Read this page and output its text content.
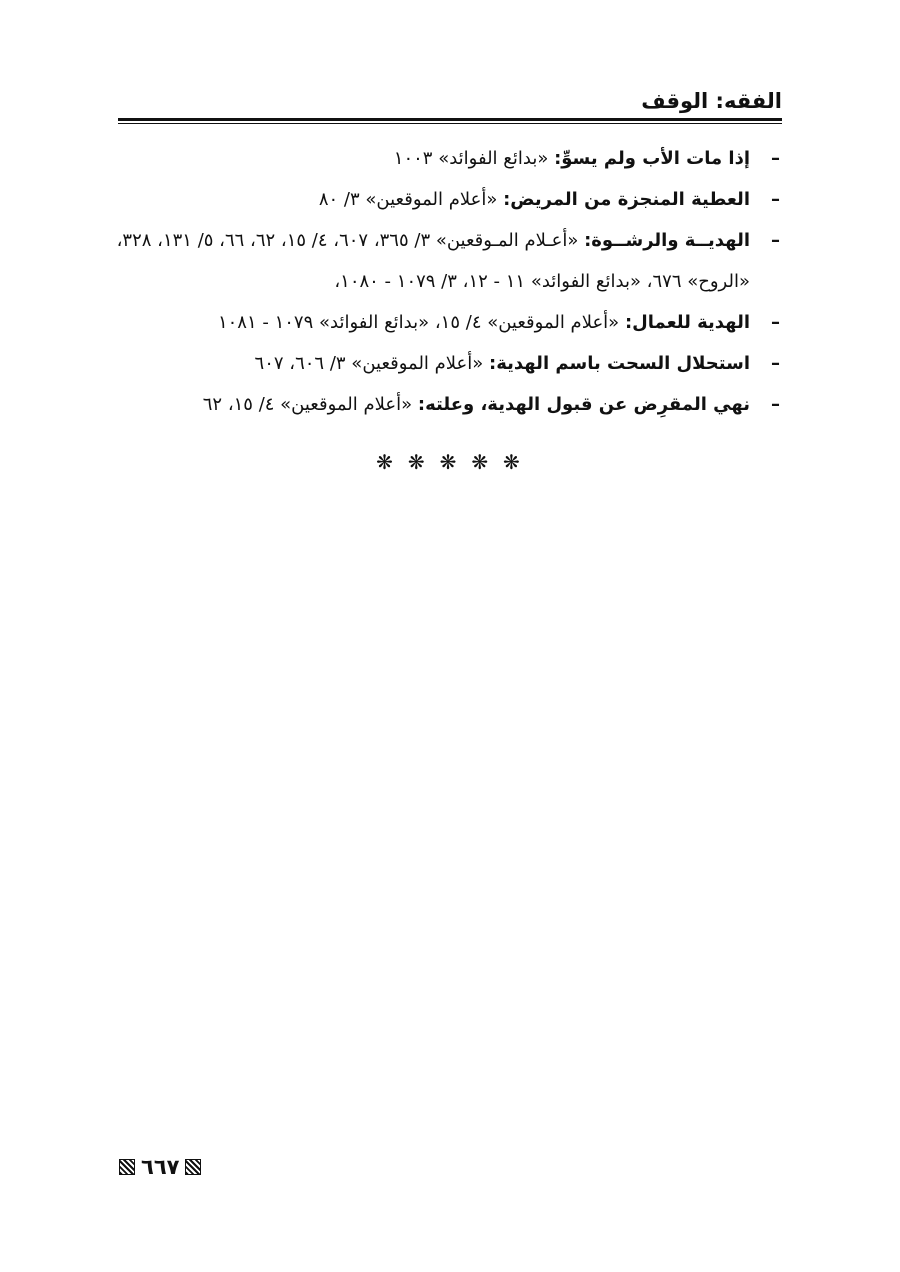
الفقه: الوقف
–
إذا مات الأب ولم يسوِّ: «بدائع الفوائد» ١٠٠٣
–
العطية المنجزة من المريض: «أعلام الموقعين» ٣/ ٨٠
–
الهديــة والرشــوة: «أعـلام المـوقعين» ٣/ ٣٦٥، ٦٠٧، ٤/ ١٥، ٦٢، ٦٦، ٥/ ١٣١، ٣٢٨، «الروح» ٦٧٦، «بدائع الفوائد» ١١ - ١٢، ٣/ ١٠٧٩ - ١٠٨٠،
–
الهدية للعمال: «أعلام الموقعين» ٤/ ١٥، «بدائع الفوائد» ١٠٧٩ - ١٠٨١
–
استحلال السحت باسم الهدية: «أعلام الموقعين» ٣/ ٦٠٦، ٦٠٧
–
نهي المقرِض عن قبول الهدية، وعلته: «أعلام الموقعين» ٤/ ١٥، ٦٢
❋ ❋ ❋ ❋ ❋
٦٦٧
